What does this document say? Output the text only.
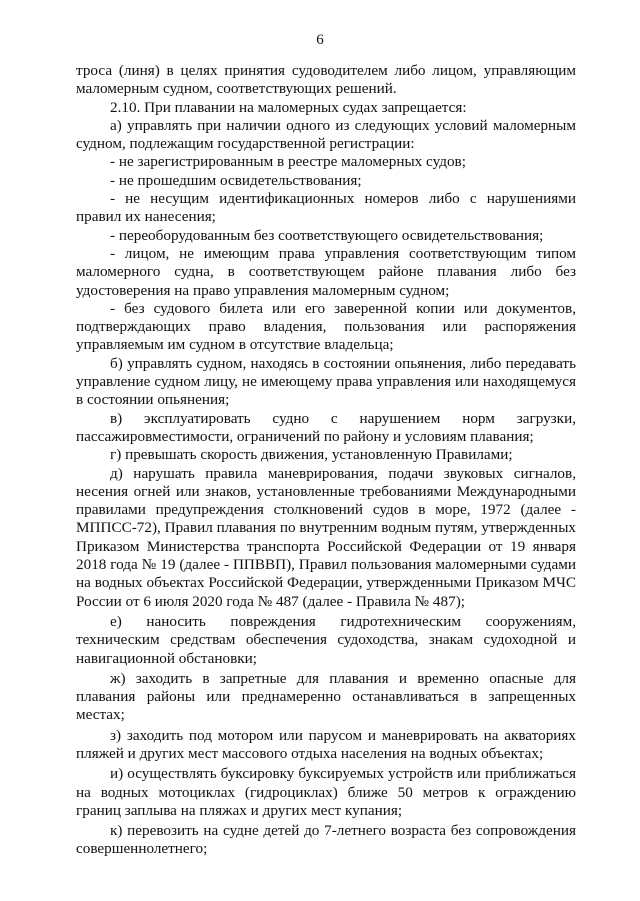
6

троса (линя) в целях принятия судоводителем либо лицом, управляющим маломерным судном, соответствующих решений.

2.10. При плавании на маломерных судах запрещается:

а) управлять при наличии одного из следующих условий маломерным судном, подлежащим государственной регистрации:

- не зарегистрированным в реестре маломерных судов;

- не прошедшим освидетельствования;

- не несущим идентификационных номеров либо с нарушениями правил их нанесения;

- переоборудованным без соответствующего освидетельствования;

- лицом, не имеющим права управления соответствующим типом маломерного судна, в соответствующем районе плавания либо без удостоверения на право управления маломерным судном;

- без судового билета или его заверенной копии или документов, подтверждающих право владения, пользования или распоряжения управляемым им судном в отсутствие владельца;

б) управлять судном, находясь в состоянии опьянения, либо передавать управление судном лицу, не имеющему права управления или находящемуся в состоянии опьянения;

в) эксплуатировать судно с нарушением норм загрузки, пассажировместимости, ограничений по району и условиям плавания;

г) превышать скорость движения, установленную Правилами;

д) нарушать правила маневрирования, подачи звуковых сигналов, несения огней или знаков, установленные требованиями Международными правилами предупреждения столкновений судов в море, 1972 (далее - МППСС-72), Правил плавания по внутренним водным путям, утвержденных Приказом Министерства транспорта Российской Федерации от 19 января 2018 года № 19 (далее - ППВВП), Правил пользования маломерными судами на водных объектах Российской Федерации, утвержденными Приказом МЧС России от 6 июля 2020 года № 487 (далее - Правила № 487);

е) наносить повреждения гидротехническим сооружениям, техническим средствам обеспечения судоходства, знакам судоходной и навигационной обстановки;

ж) заходить в запретные для плавания и временно опасные для плавания районы или преднамеренно останавливаться в запрещенных местах;

з) заходить под мотором или парусом и маневрировать на акваториях пляжей и других мест массового отдыха населения на водных объектах;

и) осуществлять буксировку буксируемых устройств или приближаться на водных мотоциклах (гидроциклах) ближе 50 метров к ограждению границ заплыва на пляжах и других мест купания;

к) перевозить на судне детей до 7-летнего возраста без сопровождения совершеннолетнего;
